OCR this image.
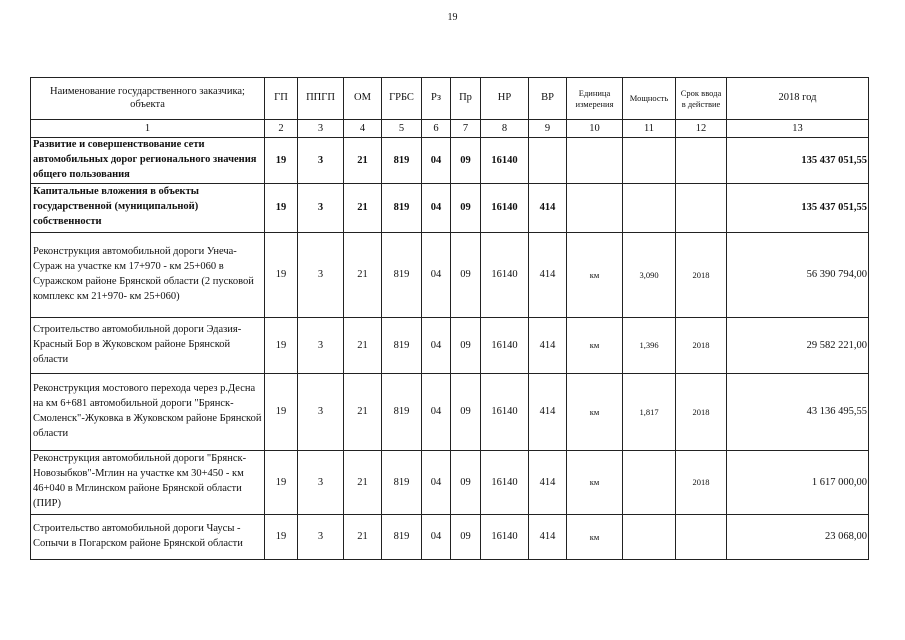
19
Наименование государственного заказчика; объекта	ГП	ППГП	ОМ	ГРБС	Рз	Пр	НР	ВР	Единица измерения	Мощность	Срок ввода в действие	2018 год
1	2	3	4	5	6	7	8	9	10	11	12	13
Развитие и совершенствование сети автомобильных дорог регионального значения общего пользования	19	3	21	819	04	09	16140					135 437 051,55
Капитальные вложения в объекты государственной (муниципальной) собственности	19	3	21	819	04	09	16140	414				135 437 051,55
Реконструкция автомобильной дороги Унеча-Сураж на участке км 17+970 - км 25+060 в Суражском районе Брянской области (2 пусковой комплекс км 21+970- км 25+060)	19	3	21	819	04	09	16140	414	км	3,090	2018	56 390 794,00
Строительство автомобильной дороги Эдазия-Красный Бор в Жуковском районе Брянской области	19	3	21	819	04	09	16140	414	км	1,396	2018	29 582 221,00
Реконструкция мостового перехода через р.Десна на км 6+681 автомобильной дороги "Брянск-Смоленск"-Жуковка в Жуковском районе Брянской области	19	3	21	819	04	09	16140	414	км	1,817	2018	43 136 495,55
Реконструкция автомобильной дороги "Брянск-Новозыбков"-Мглин на участке км 30+450 - км 46+040 в Мглинском районе Брянской области (ПИР)	19	3	21	819	04	09	16140	414	км		2018	1 617 000,00
Строительство автомобильной дороги Чаусы - Сопычи в Погарском районе Брянской области	19	3	21	819	04	09	16140	414	км			23 068,00
